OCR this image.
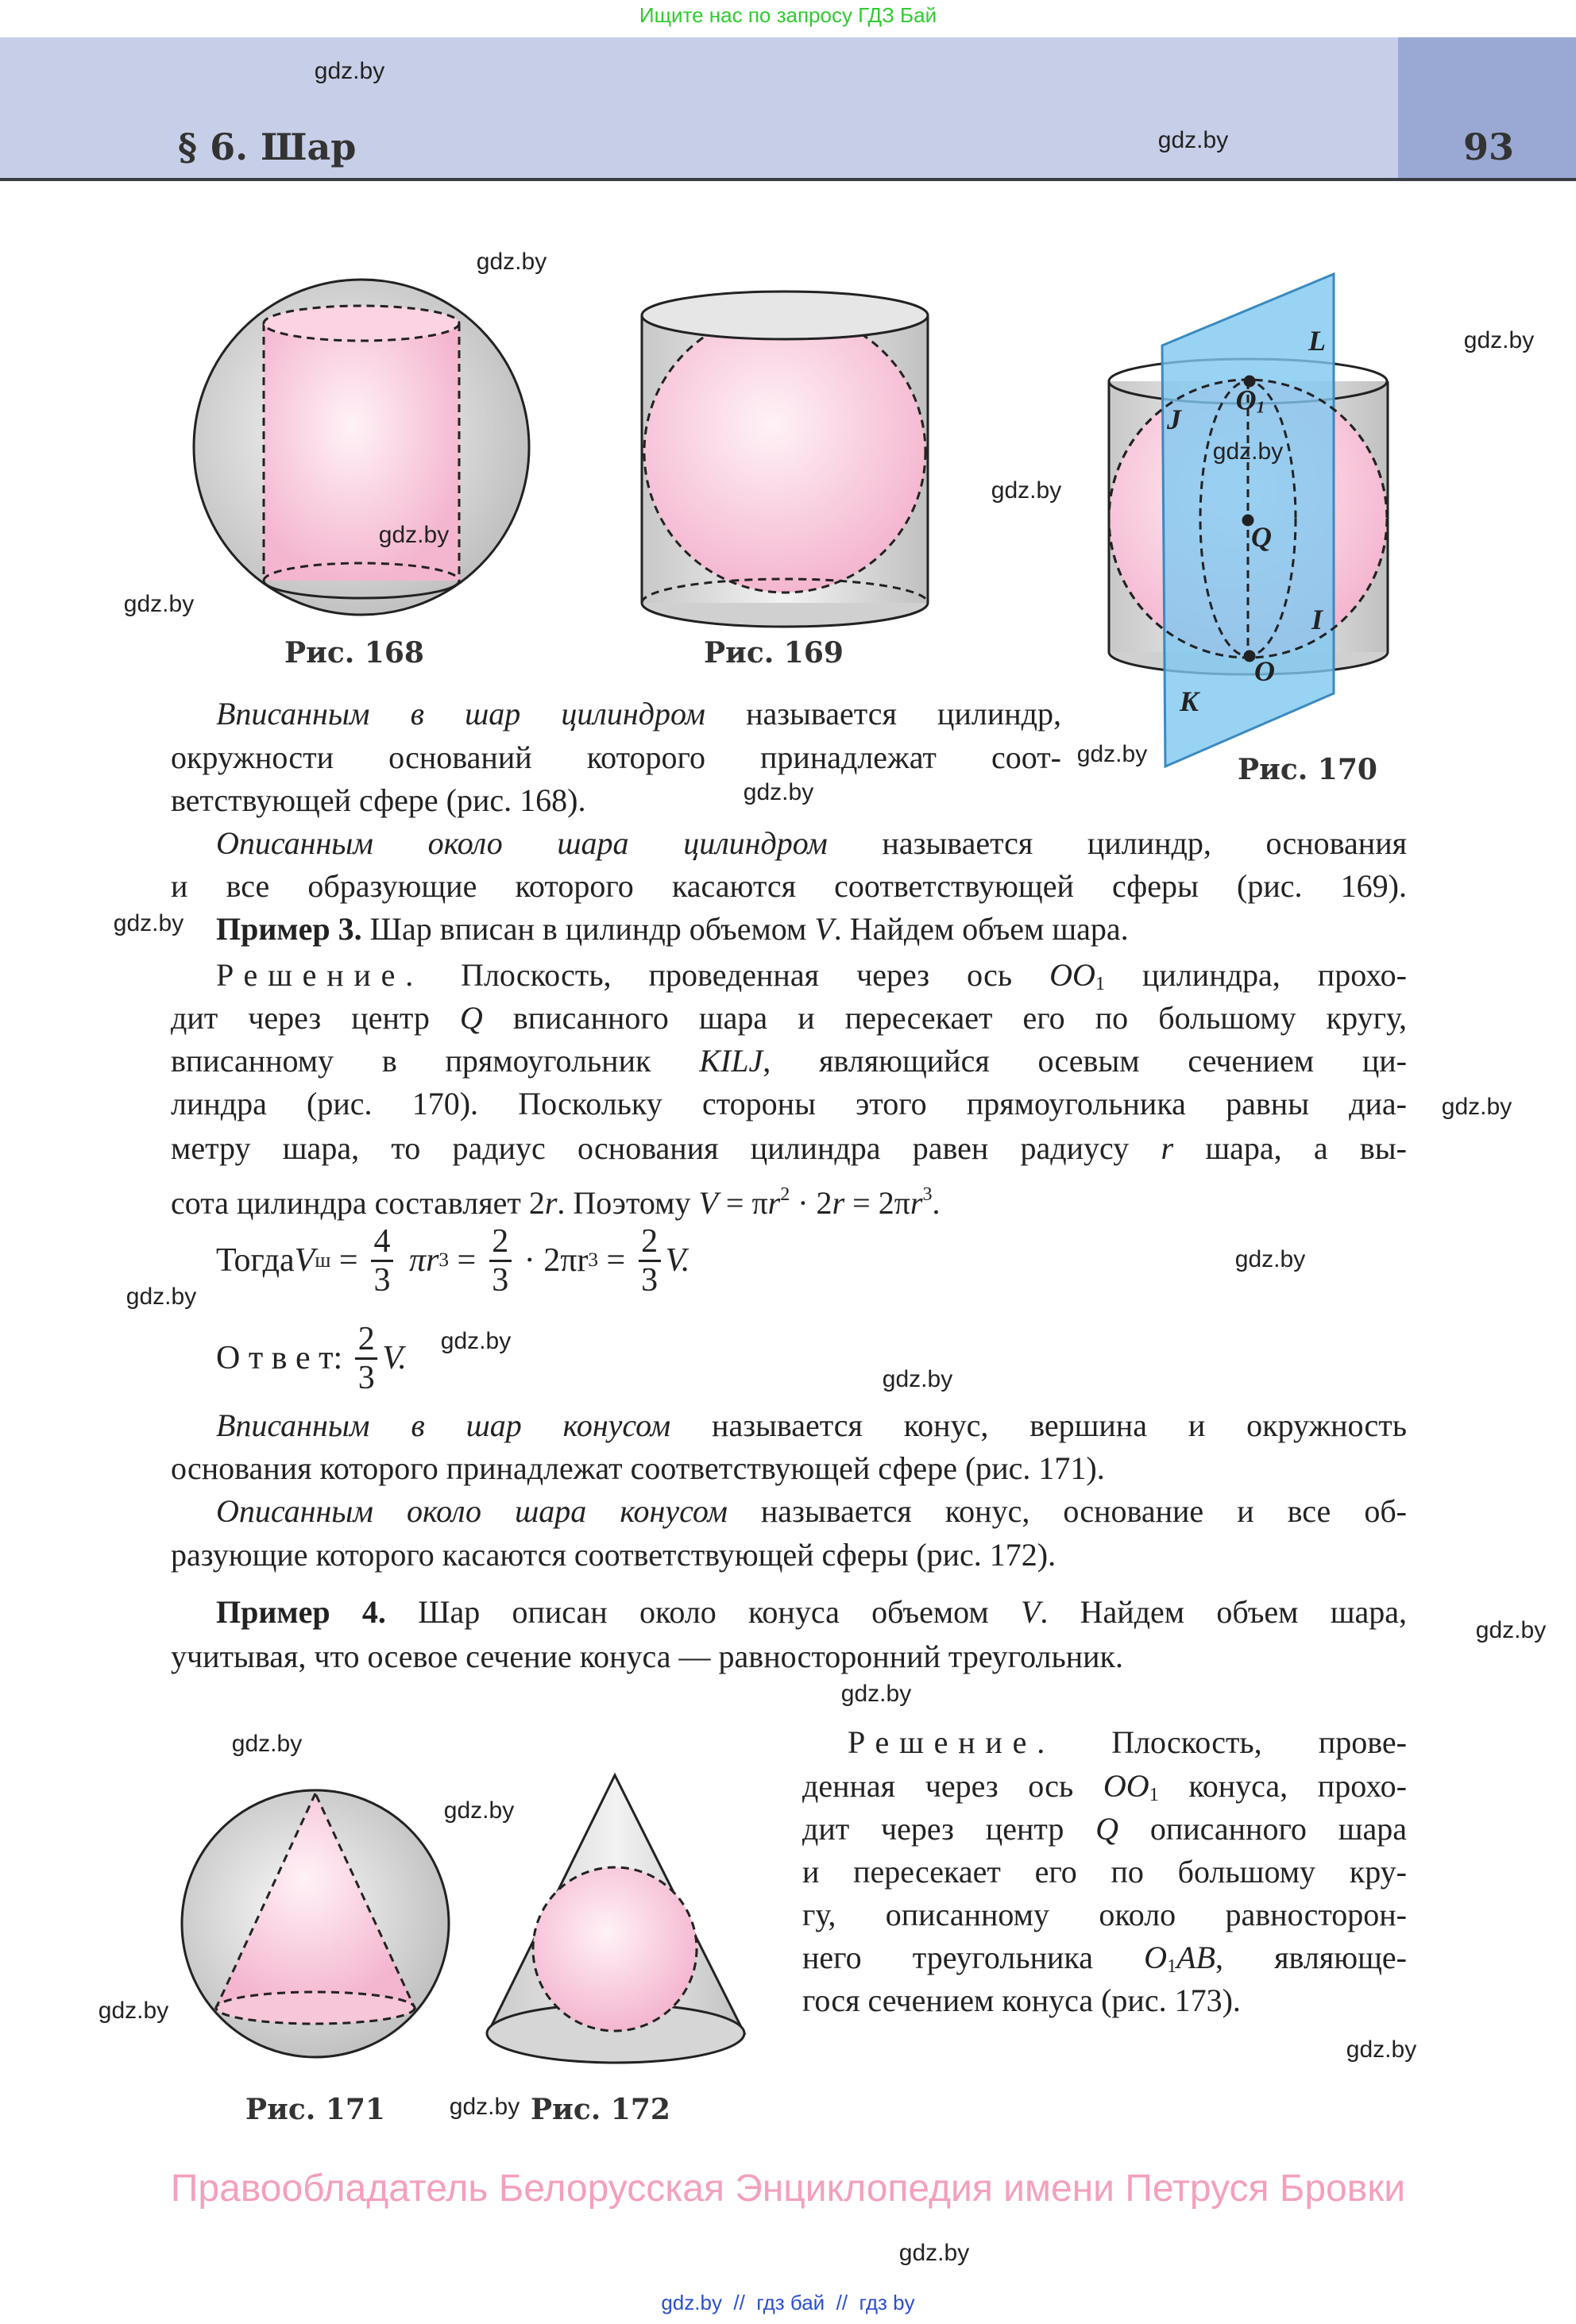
Ищите нас по запросу ГДЗ Бай
§ 6. Шар	93
L
$O_1$
J
Q
I
O
K
Рис. 168	Рис. 169
Рис. 170
Рис. 171	Рис. 172
Вписанным в шар цилиндром называется цилиндр,
окружности оснований которого принадлежат соот-
ветствующей сфере (рис. 168).
Описанным около шара цилиндром называется цилиндр, основания
и все образующие которого касаются соответствующей сферы (рис. 169).
Пример 3. Шар вписан в цилиндр объемом V. Найдем объем шара.
Решение. Плоскость, проведенная через ось OO1 цилиндра, прохо-
дит через центр Q вписанного шара и пересекает его по большому кругу,
вписанному в прямоугольник KILJ, являющийся осевым сечением ци-
линдра (рис. 170). Поскольку стороны этого прямоугольника равны диа-
метру шара, то радиус основания цилиндра равен радиусу r шара, а вы-
сота цилиндра составляет 2r. Поэтому $V = \pi r^2 \cdot 2r = 2\pi r^3$.
Вписанным в шар конусом называется конус, вершина и окружность
основания которого принадлежат соответствующей сфере (рис. 171).
Описанным около шара конусом называется конус, основание и все об-
разующие которого касаются соответствующей сферы (рис. 172).
Пример 4. Шар описан около конуса объемом V. Найдем объем шара,
учитывая, что осевое сечение конуса — равносторонний треугольник.
Решение. Плоскость, прове-
денная через ось OO1 конуса, прохо-
дит через центр Q описанного шара
и пересекает его по большому кру-
гу, описанному около равносторон-
него треугольника O1AB, являюще-
гося сечением конуса (рис. 173).
Тогда V $ш = \frac{4}{3}$ πr $3 = \frac{2}{3} \cdot 2\pi r$ $3 = \frac{2}{3} V$.
О т в е т: $\frac{2}{3} V$.
gdz.by
gdz.by
gdz.by
gdz.by
gdz.by
gdz.by
gdz.by
gdz.by
gdz.by
gdz.by
gdz.by
gdz.by
gdz.by
gdz.by
gdz.by
gdz.by
gdz.by
gdz.by
gdz.by
gdz.by
gdz.by
gdz.by
gdz.by
gdz.by
Правообладатель Белорусская Энциклопедия имени Петруся Бровки
gdz.by  //  гдз бай  //  гдз by
